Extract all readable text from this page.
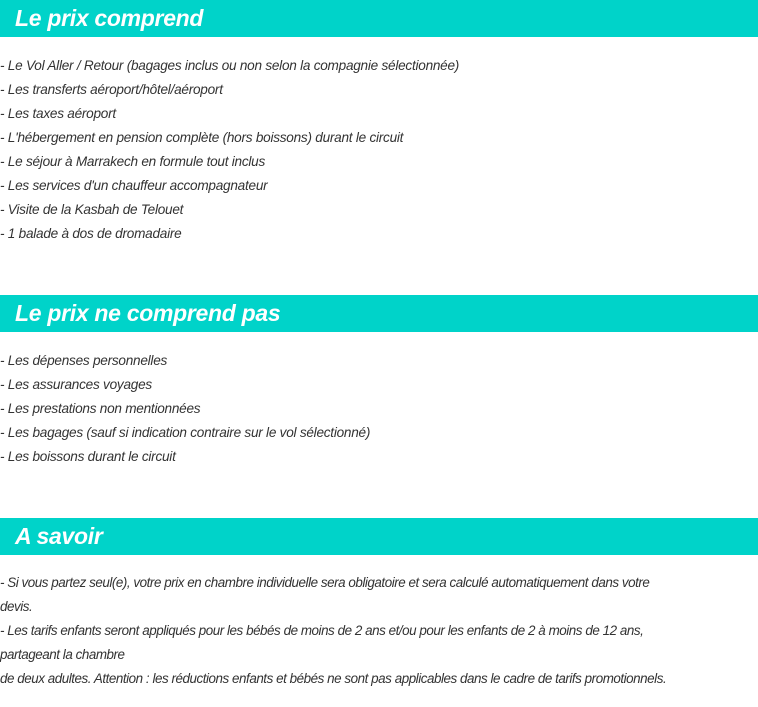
Le prix comprend
- Le Vol Aller / Retour (bagages inclus ou non selon la compagnie sélectionnée)
- Les transferts aéroport/hôtel/aéroport
- Les taxes aéroport
- L'hébergement en pension complète (hors boissons) durant le circuit
- Le séjour à Marrakech en formule tout inclus
- Les services d'un chauffeur accompagnateur
- Visite de la Kasbah de Telouet
- 1 balade à dos de dromadaire
Le prix ne comprend pas
- Les dépenses personnelles
- Les assurances voyages
- Les prestations non mentionnées
- Les bagages (sauf si indication contraire sur le vol sélectionné)
- Les boissons durant le circuit
A savoir
- Si vous partez seul(e), votre prix en chambre individuelle sera obligatoire et sera calculé automatiquement dans votre
devis.
- Les tarifs enfants seront appliqués pour les bébés de moins de 2 ans et/ou pour les enfants de 2 à moins de 12 ans,
partageant la chambre
de deux adultes. Attention : les réductions enfants et bébés ne sont pas applicables dans le cadre de tarifs promotionnels.
